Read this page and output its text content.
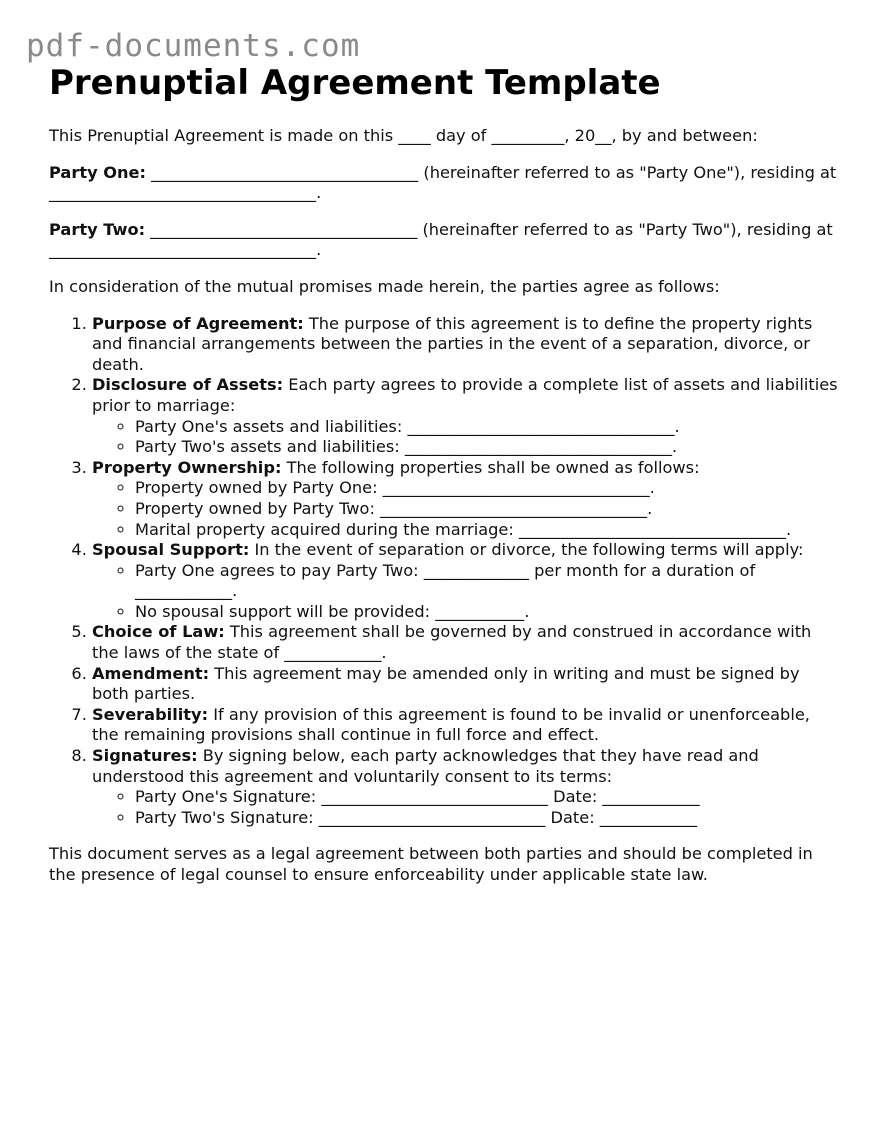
pdf-documents.com
Prenuptial Agreement Template

This Prenuptial Agreement is made on this ____ day of _________, 20__, by and between:

Party One: _________________________________ (hereinafter referred to as "Party One"), residing at _________________________________.

Party Two: _________________________________ (hereinafter referred to as "Party Two"), residing at _________________________________.

In consideration of the mutual promises made herein, the parties agree as follows:

1. Purpose of Agreement: The purpose of this agreement is to define the property rights and financial arrangements between the parties in the event of a separation, divorce, or death.
2. Disclosure of Assets: Each party agrees to provide a complete list of assets and liabilities prior to marriage:
◦ Party One's assets and liabilities: _________________________________.
◦ Party Two's assets and liabilities: _________________________________.
3. Property Ownership: The following properties shall be owned as follows:
◦ Property owned by Party One: _________________________________.
◦ Property owned by Party Two: _________________________________.
◦ Marital property acquired during the marriage: _________________________________.
4. Spousal Support: In the event of separation or divorce, the following terms will apply:
◦ Party One agrees to pay Party Two: _____________ per month for a duration of ____________.
◦ No spousal support will be provided: ___________.
5. Choice of Law: This agreement shall be governed by and construed in accordance with the laws of the state of ____________.
6. Amendment: This agreement may be amended only in writing and must be signed by both parties.
7. Severability: If any provision of this agreement is found to be invalid or unenforceable, the remaining provisions shall continue in full force and effect.
8. Signatures: By signing below, each party acknowledges that they have read and understood this agreement and voluntarily consent to its terms:
◦ Party One's Signature: ____________________________ Date: ____________
◦ Party Two's Signature: ____________________________ Date: ____________

This document serves as a legal agreement between both parties and should be completed in the presence of legal counsel to ensure enforceability under applicable state law.
